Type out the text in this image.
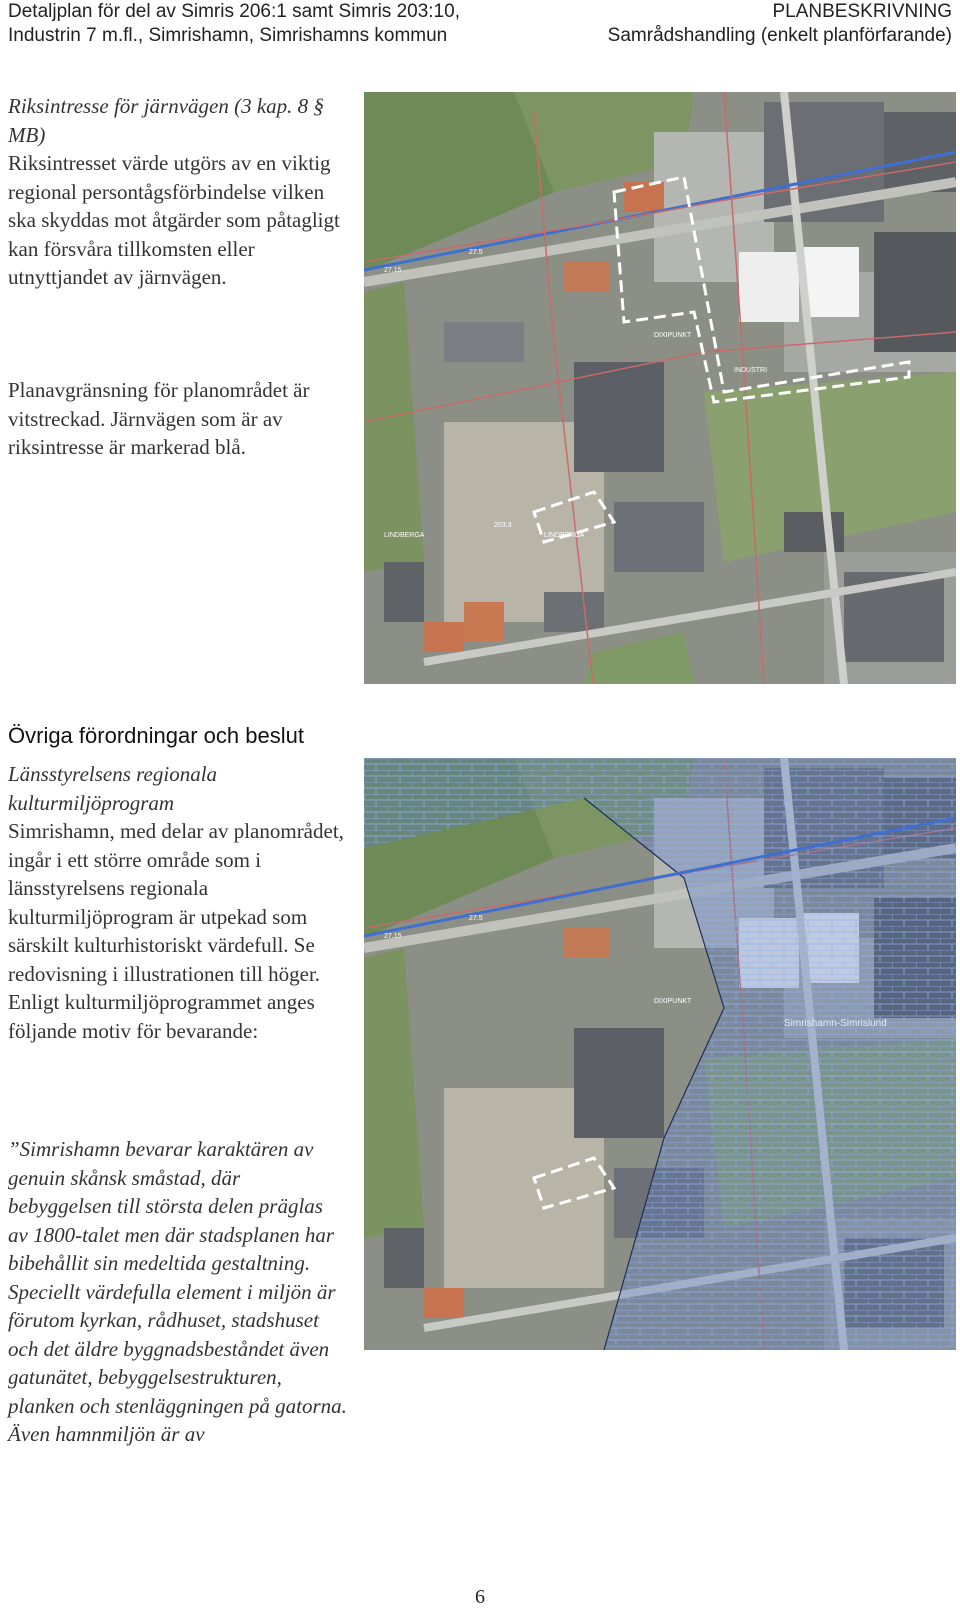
Detaljplan för del av Simris 206:1 samt Simris 203:10,
Industrin 7 m.fl., Simrishamn, Simrishamns kommun
PLANBESKRIVNING
Samrådshandling (enkelt planförfarande)
Riksintresse för järnvägen (3 kap. 8 § MB)
Riksintresset värde utgörs av en viktig regional persontågsförbindelse vilken ska skyddas mot åtgärder som påtagligt kan försvåra tillkomsten eller utnyttjandet av järnvägen.
Planavgränsning för planområdet är vitstreckad. Järnvägen som är av riksintresse är markerad blå.
DIXIPUNKT
INDUSTRI
LINDBERGA
203:3
LINDBERGA
27.5
27.15
Övriga förordningar och beslut
Länsstyrelsens regionala kulturmiljöprogram
Simrishamn, med delar av planområdet, ingår i ett större område som i länsstyrelsens regionala kulturmiljöprogram är utpekad som särskilt kulturhistoriskt värdefull. Se redovisning i illustrationen till höger. Enligt kulturmiljöprogrammet anges följande motiv för bevarande:
”Simrishamn bevarar karaktären av genuin skånsk småstad, där bebyggelsen till största delen präglas av 1800-talet men där stadsplanen har bibehållit sin medeltida gestaltning. Speciellt värdefulla element i miljön är förutom kyrkan, rådhuset, stadshuset och det äldre byggnadsbeståndet även gatunätet, bebyggelsestrukturen, planken och stenläggningen på gatorna. Även hamnmiljön är av
Simrishamn-Simrislund
27.5
27.15
DIXIPUNKT
6
